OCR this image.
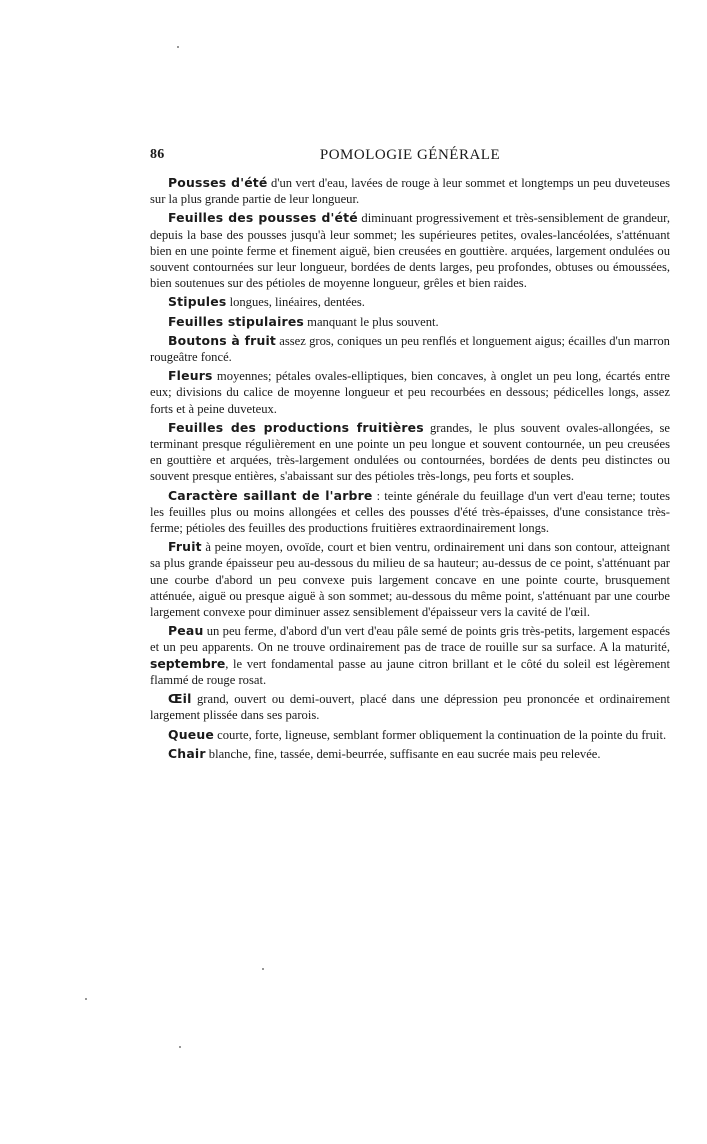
86	POMOLOGIE GÉNÉRALE

Pousses d'été d'un vert d'eau, lavées de rouge à leur sommet et longtemps un peu duveteuses sur la plus grande partie de leur longueur.

Feuilles des pousses d'été diminuant progressivement et très-sensiblement de grandeur, depuis la base des pousses jusqu'à leur sommet; les supérieures petites, ovales-lancéolées, s'atténuant bien en une pointe ferme et finement aiguë, bien creusées en gouttière. arquées, largement ondulées ou souvent contournées sur leur longueur, bordées de dents larges, peu profondes, obtuses ou émoussées, bien soutenues sur des pétioles de moyenne longueur, grêles et bien raides.

Stipules longues, linéaires, dentées.

Feuilles stipulaires manquant le plus souvent.

Boutons à fruit assez gros, coniques un peu renflés et longuement aigus; écailles d'un marron rougeâtre foncé.

Fleurs moyennes; pétales ovales-elliptiques, bien concaves, à onglet un peu long, écartés entre eux; divisions du calice de moyenne longueur et peu recourbées en dessous; pédicelles longs, assez forts et à peine duveteux.

Feuilles des productions fruitières grandes, le plus souvent ovales-allongées, se terminant presque régulièrement en une pointe un peu longue et souvent contournée, un peu creusées en gouttière et arquées, très-largement ondulées ou contournées, bordées de dents peu distinctes ou souvent presque entières, s'abaissant sur des pétioles très-longs, peu forts et souples.

Caractère saillant de l'arbre : teinte générale du feuillage d'un vert d'eau terne; toutes les feuilles plus ou moins allongées et celles des pousses d'été très-épaisses, d'une consistance très-ferme; pétioles des feuilles des productions fruitières extraordinairement longs.

Fruit à peine moyen, ovoïde, court et bien ventru, ordinairement uni dans son contour, atteignant sa plus grande épaisseur peu au-dessous du milieu de sa hauteur; au-dessus de ce point, s'atténuant par une courbe d'abord un peu convexe puis largement concave en une pointe courte, brusquement atténuée, aiguë ou presque aiguë à son sommet; au-dessous du même point, s'atténuant par une courbe largement convexe pour diminuer assez sensiblement d'épaisseur vers la cavité de l'œil.

Peau un peu ferme, d'abord d'un vert d'eau pâle semé de points gris très-petits, largement espacés et un peu apparents. On ne trouve ordinairement pas de trace de rouille sur sa surface. A la maturité, septembre, le vert fondamental passe au jaune citron brillant et le côté du soleil est légèrement flammé de rouge rosat.

Œil grand, ouvert ou demi-ouvert, placé dans une dépression peu prononcée et ordinairement largement plissée dans ses parois.

Queue courte, forte, ligneuse, semblant former obliquement la continuation de la pointe du fruit.

Chair blanche, fine, tassée, demi-beurrée, suffisante en eau sucrée mais peu relevée.
